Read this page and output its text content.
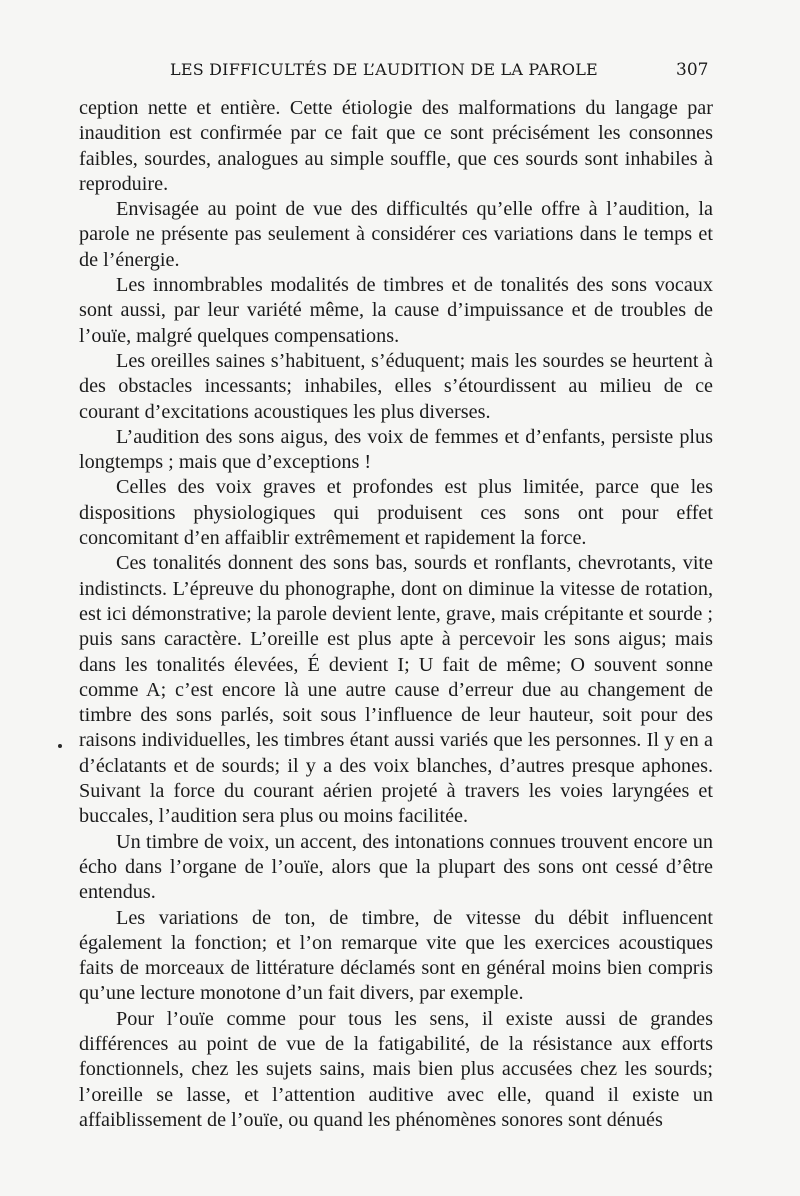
LES DIFFICULTÉS DE L’AUDITION DE LA PAROLE	307

ception nette et entière. Cette étiologie des malformations du langage par inaudition est confirmée par ce fait que ce sont précisément les consonnes faibles, sourdes, analogues au simple souffle, que ces sourds sont inhabiles à reproduire.

Envisagée au point de vue des difficultés qu’elle offre à l’audition, la parole ne présente pas seulement à considérer ces variations dans le temps et de l’énergie.

Les innombrables modalités de timbres et de tonalités des sons vocaux sont aussi, par leur variété même, la cause d’impuissance et de troubles de l’ouïe, malgré quelques compensations.

Les oreilles saines s’habituent, s’éduquent; mais les sourdes se heurtent à des obstacles incessants; inhabiles, elles s’étourdissent au milieu de ce courant d’excitations acoustiques les plus diverses.

L’audition des sons aigus, des voix de femmes et d’enfants, persiste plus longtemps ; mais que d’exceptions !

Celles des voix graves et profondes est plus limitée, parce que les dispositions physiologiques qui produisent ces sons ont pour effet concomitant d’en affaiblir extrêmement et rapidement la force.

Ces tonalités donnent des sons bas, sourds et ronflants, chevrotants, vite indistincts. L’épreuve du phonographe, dont on diminue la vitesse de rotation, est ici démonstrative; la parole devient lente, grave, mais crépitante et sourde ; puis sans caractère. L’oreille est plus apte à percevoir les sons aigus; mais dans les tonalités élevées, É devient I; U fait de même; O souvent sonne comme A; c’est encore là une autre cause d’erreur due au changement de timbre des sons parlés, soit sous l’influence de leur hauteur, soit pour des raisons individuelles, les timbres étant aussi variés que les personnes. Il y en a d’éclatants et de sourds; il y a des voix blanches, d’autres presque aphones. Suivant la force du courant aérien projeté à travers les voies laryngées et buccales, l’audition sera plus ou moins facilitée.

Un timbre de voix, un accent, des intonations connues trouvent encore un écho dans l’organe de l’ouïe, alors que la plupart des sons ont cessé d’être entendus.

Les variations de ton, de timbre, de vitesse du débit influencent également la fonction; et l’on remarque vite que les exercices acoustiques faits de morceaux de littérature déclamés sont en général moins bien compris qu’une lecture monotone d’un fait divers, par exemple.

Pour l’ouïe comme pour tous les sens, il existe aussi de grandes différences au point de vue de la fatigabilité, de la résistance aux efforts fonctionnels, chez les sujets sains, mais bien plus accusées chez les sourds; l’oreille se lasse, et l’attention auditive avec elle, quand il existe un affaiblissement de l’ouïe, ou quand les phénomènes sonores sont dénués
